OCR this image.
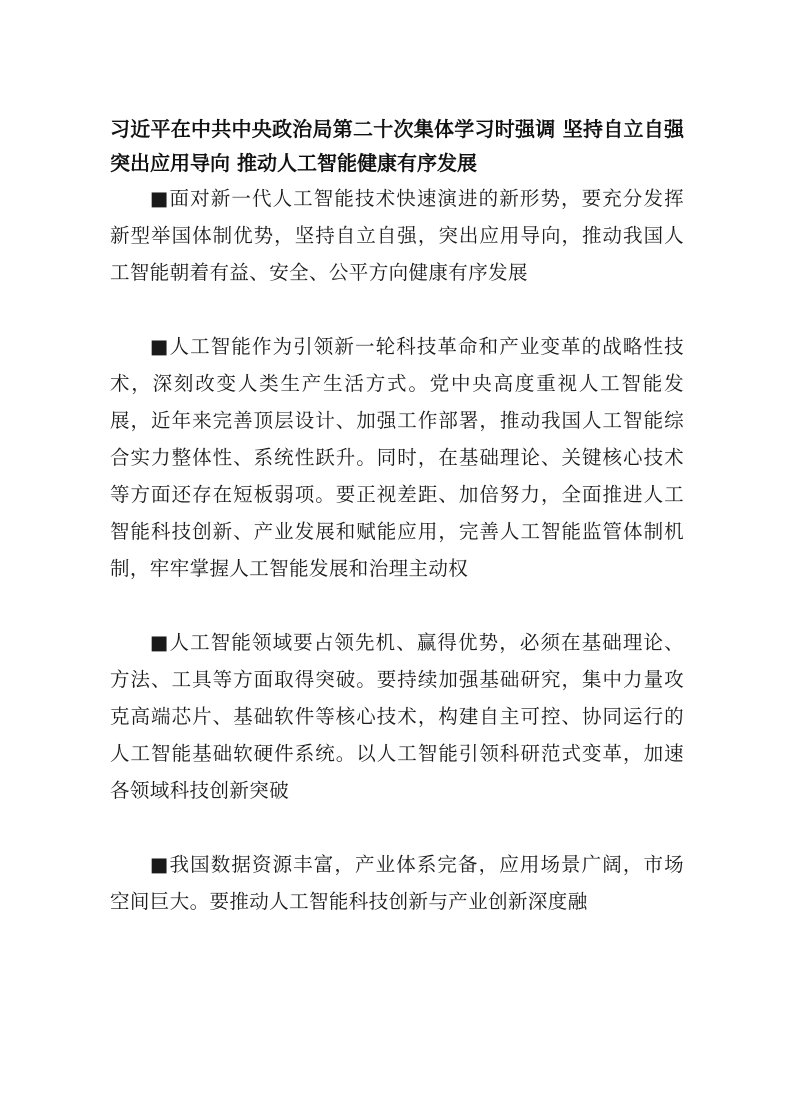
习近平在中共中央政治局第二十次集体学习时强调 坚持自立自强 突出应用导向 推动人工智能健康有序发展

■面对新一代人工智能技术快速演进的新形势，要充分发挥新型举国体制优势，坚持自立自强，突出应用导向，推动我国人工智能朝着有益、安全、公平方向健康有序发展

■人工智能作为引领新一轮科技革命和产业变革的战略性技术，深刻改变人类生产生活方式。党中央高度重视人工智能发展，近年来完善顶层设计、加强工作部署，推动我国人工智能综合实力整体性、系统性跃升。同时，在基础理论、关键核心技术等方面还存在短板弱项。要正视差距、加倍努力，全面推进人工智能科技创新、产业发展和赋能应用，完善人工智能监管体制机制，牢牢掌握人工智能发展和治理主动权

■人工智能领域要占领先机、赢得优势，必须在基础理论、方法、工具等方面取得突破。要持续加强基础研究，集中力量攻克高端芯片、基础软件等核心技术，构建自主可控、协同运行的人工智能基础软硬件系统。以人工智能引领科研范式变革，加速各领域科技创新突破

■我国数据资源丰富，产业体系完备，应用场景广阔，市场空间巨大。要推动人工智能科技创新与产业创新深度融
